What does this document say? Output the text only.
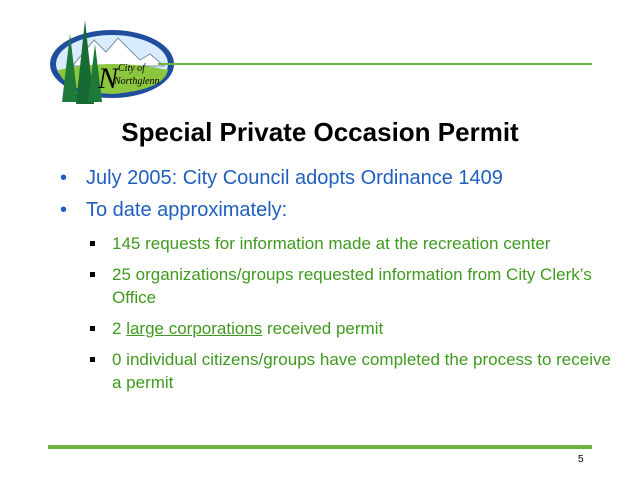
N City of
Northglenn
Special Private Occasion Permit
• July 2005: City Council adopts Ordinance 1409
• To date approximately:
145 requests for information made at the recreation center
25 organizations/groups requested information from City Clerk’s Office
2 large corporations received permit
0 individual citizens/groups have completed the process to receive a permit
5
